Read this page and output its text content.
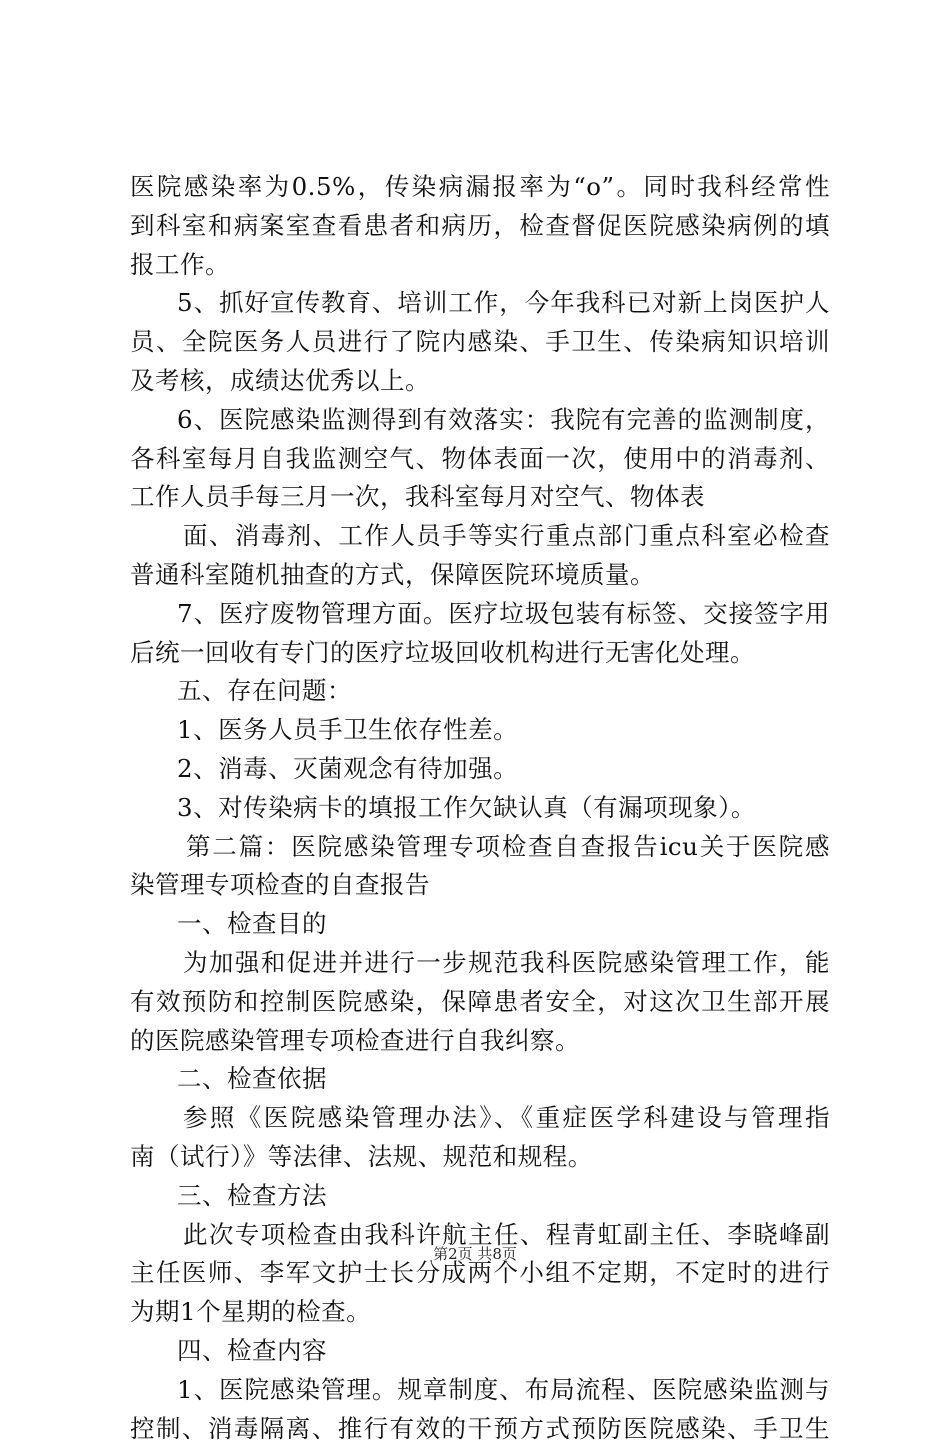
医院感染率为0.5%，传染病漏报率为“o”。同时我科经常性
到科室和病案室查看患者和病历，检查督促医院感染病例的填
报工作。
5、抓好宣传教育、培训工作，今年我科已对新上岗医护人
员、全院医务人员进行了院内感染、手卫生、传染病知识培训
及考核，成绩达优秀以上。
6、医院感染监测得到有效落实：我院有完善的监测制度，
各科室每月自我监测空气、物体表面一次，使用中的消毒剂、
工作人员手每三月一次，我科室每月对空气、物体表
面、消毒剂、工作人员手等实行重点部门重点科室必检查
普通科室随机抽查的方式，保障医院环境质量。
7、医疗废物管理方面。医疗垃圾包装有标签、交接签字用
后统一回收有专门的医疗垃圾回收机构进行无害化处理。
五、存在问题：
1、医务人员手卫生依存性差。
2、消毒、灭菌观念有待加强。
3、对传染病卡的填报工作欠缺认真（有漏项现象）。
第二篇：医院感染管理专项检查自查报告icu关于医院感
染管理专项检查的自查报告
一、检查目的
为加强和促进并进行一步规范我科医院感染管理工作，能
有效预防和控制医院感染，保障患者安全，对这次卫生部开展
的医院感染管理专项检查进行自我纠察。
二、检查依据
参照《医院感染管理办法》、《重症医学科建设与管理指
南（试行）》等法律、法规、规范和规程。
三、检查方法
此次专项检查由我科许航主任、程青虹副主任、李晓峰副
主任医师、李军文护士长分成两个小组不定期，不定时的进行
为期1个星期的检查。
四、检查内容
1、医院感染管理。规章制度、布局流程、医院感染监测与
控制、消毒隔离、推行有效的干预方式预防医院感染、手卫生
第2页 共8页
